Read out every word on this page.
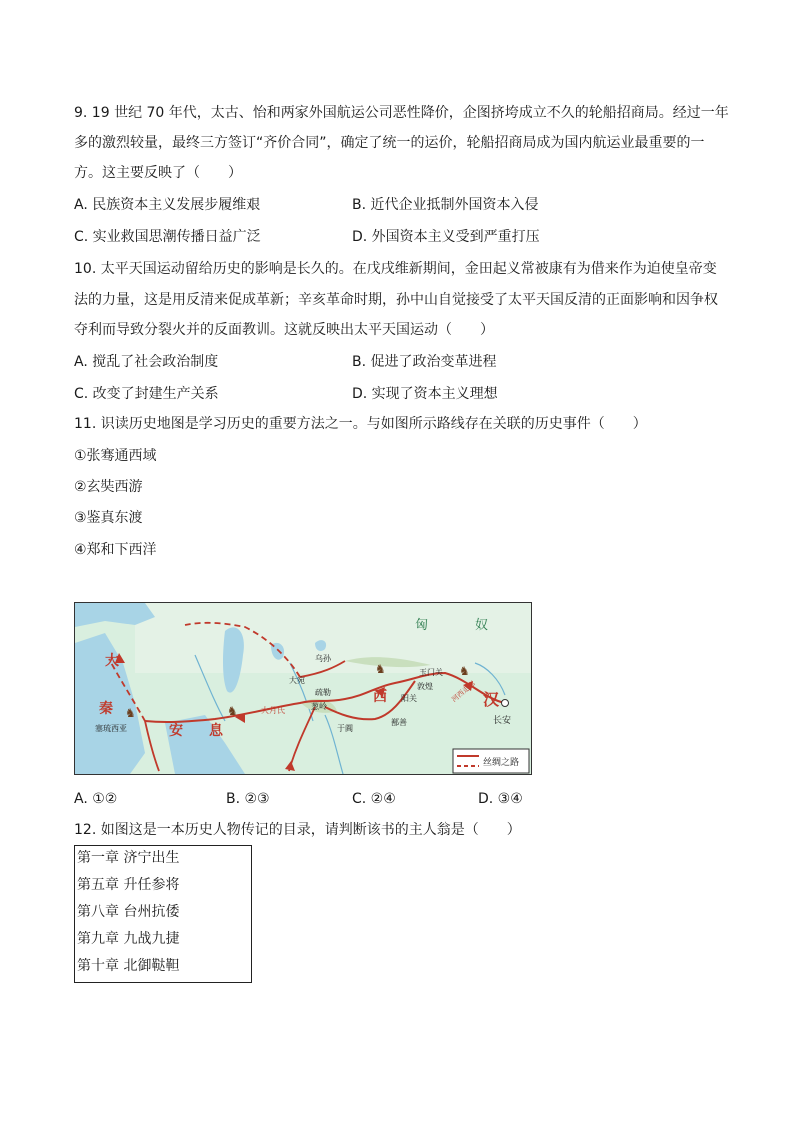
9. 19 世纪 70 年代，太古、怡和两家外国航运公司恶性降价，企图挤垮成立不久的轮船招商局。经过一年
多的激烈较量，最终三方签订“齐价合同”，确定了统一的运价，轮船招商局成为国内航运业最重要的一
方。这主要反映了（　　）
A. 民族资本主义发展步履维艰	B. 近代企业抵制外国资本入侵
C. 实业救国思潮传播日益广泛	D. 外国资本主义受到严重打压
10. 太平天国运动留给历史的影响是长久的。在戊戌维新期间，金田起义常被康有为借来作为迫使皇帝变
法的力量，这是用反清来促成革新；辛亥革命时期，孙中山自觉接受了太平天国反清的正面影响和因争权
夺利而导致分裂火并的反面教训。这就反映出太平天国运动（　　）
A. 搅乱了社会政治制度	B. 促进了政治变革进程
C. 改变了封建生产关系	D. 实现了资本主义理想
11. 识读历史地图是学习历史的重要方法之一。与如图所示路线存在关联的历史事件（　　）
①张骞通西域
②玄奘西游
③鉴真东渡
④郑和下西洋
♞
♞
♞	♞
匈	奴
大
秦
安 息
西	汉
长安
大宛
疏勒
葱岭
大月氏
于阗
鄯善
阳关
敦煌
玉门关
河西走廊
塞琉西亚
乌孙
丝绸之路
A. ①②	B. ②③	C. ②④	D. ③④
12. 如图这是一本历史人物传记的目录，请判断该书的主人翁是（　　）
第一章 济宁出生
第五章 升任参将
第八章 台州抗倭
第九章 九战九捷
第十章 北御鞑靼
